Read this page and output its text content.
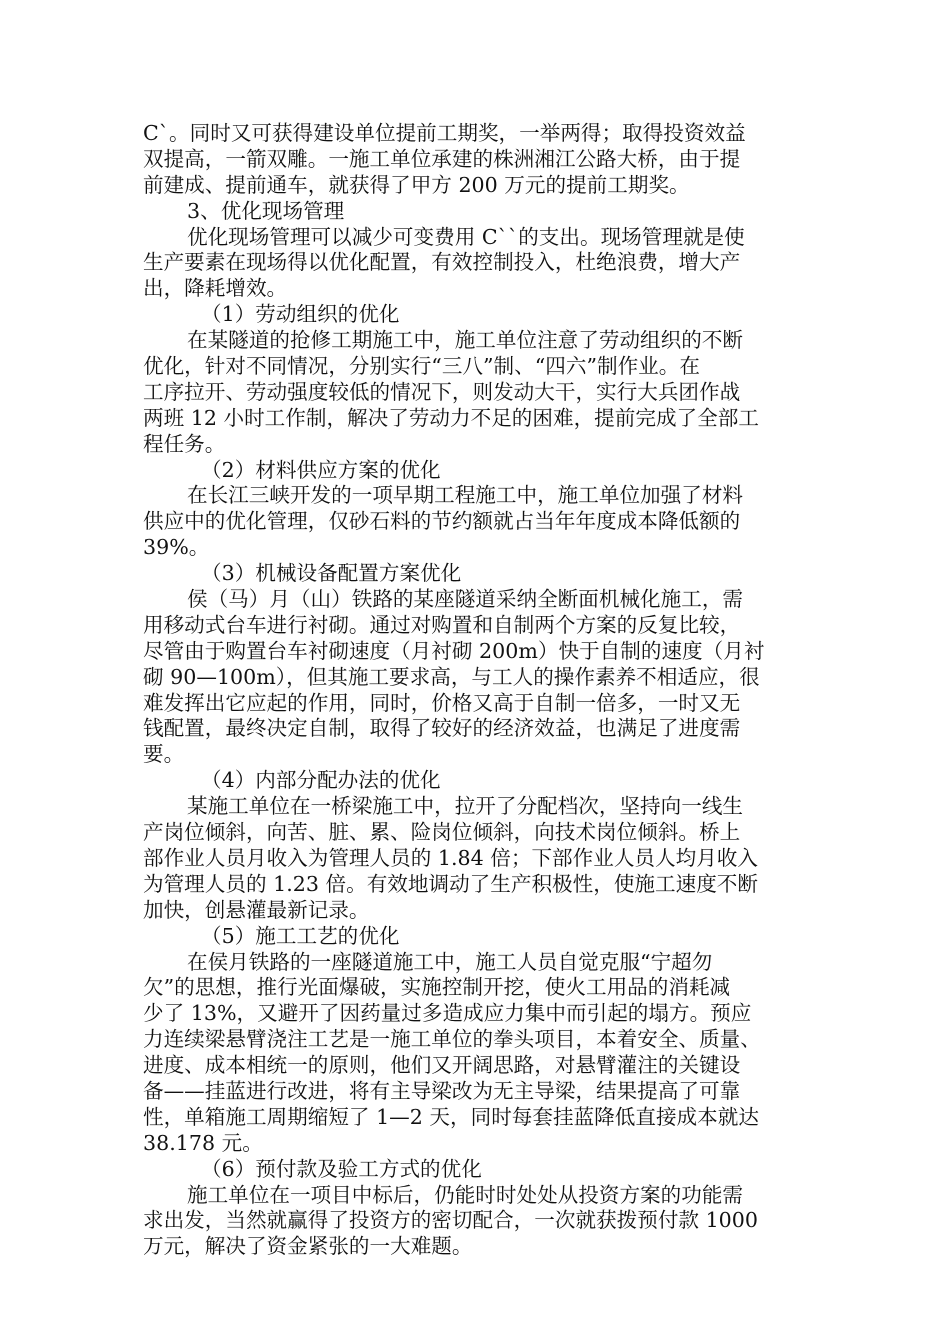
C`。同时又可获得建设单位提前工期奖，一举两得；取得投资效益
双提高，一箭双雕。一施工单位承建的株洲湘江公路大桥，由于提
前建成、提前通车，就获得了甲方 200 万元的提前工期奖。
3、优化现场管理
优化现场管理可以减少可变费用 C``的支出。现场管理就是使
生产要素在现场得以优化配置，有效控制投入，杜绝浪费，增大产
出，降耗增效。
（1）劳动组织的优化
在某隧道的抢修工期施工中，施工单位注意了劳动组织的不断
优化，针对不同情况，分别实行“三八”制、“四六”制作业。在
工序拉开、劳动强度较低的情况下，则发动大干，实行大兵团作战
两班 12 小时工作制，解决了劳动力不足的困难，提前完成了全部工
程任务。
（2）材料供应方案的优化
在长江三峡开发的一项早期工程施工中，施工单位加强了材料
供应中的优化管理，仅砂石料的节约额就占当年年度成本降低额的
39%。
（3）机械设备配置方案优化
侯（马）月（山）铁路的某座隧道采纳全断面机械化施工，需
用移动式台车进行衬砌。通过对购置和自制两个方案的反复比较，
尽管由于购置台车衬砌速度（月衬砌 200m）快于自制的速度（月衬
砌 90—100m），但其施工要求高，与工人的操作素养不相适应，很
难发挥出它应起的作用，同时，价格又高于自制一倍多，一时又无
钱配置，最终决定自制，取得了较好的经济效益，也满足了进度需
要。
（4）内部分配办法的优化
某施工单位在一桥梁施工中，拉开了分配档次，坚持向一线生
产岗位倾斜，向苦、脏、累、险岗位倾斜，向技术岗位倾斜。桥上
部作业人员月收入为管理人员的 1.84 倍；下部作业人员人均月收入
为管理人员的 1.23 倍。有效地调动了生产积极性，使施工速度不断
加快，创悬灌最新记录。
（5）施工工艺的优化
在侯月铁路的一座隧道施工中，施工人员自觉克服“宁超勿
欠”的思想，推行光面爆破，实施控制开挖，使火工用品的消耗减
少了 13%，又避开了因药量过多造成应力集中而引起的塌方。预应
力连续梁悬臂浇注工艺是一施工单位的拳头项目，本着安全、质量、
进度、成本相统一的原则，他们又开阔思路，对悬臂灌注的关键设
备——挂蓝进行改进，将有主导梁改为无主导梁，结果提高了可靠
性，单箱施工周期缩短了 1—2 天，同时每套挂蓝降低直接成本就达
38.178 元。
（6）预付款及验工方式的优化
施工单位在一项目中标后，仍能时时处处从投资方案的功能需
求出发，当然就赢得了投资方的密切配合，一次就获拨预付款 1000
万元，解决了资金紧张的一大难题。
